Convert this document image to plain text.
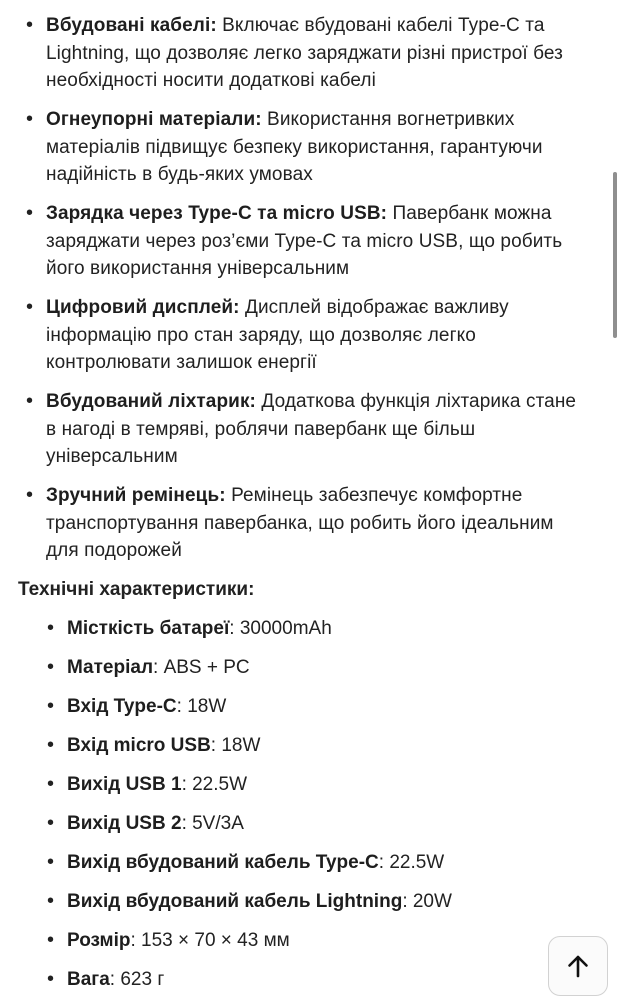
• Вбудовані кабелі: Включає вбудовані кабелі Type-C та Lightning, що дозволяє легко заряджати різні пристрої без необхідності носити додаткові кабелі
• Огнеупорні матеріали: Використання вогнетривких матеріалів підвищує безпеку використання, гарантуючи надійність в будь-яких умовах
• Зарядка через Type-C та micro USB: Павербанк можна заряджати через роз’єми Type-C та micro USB, що робить його використання універсальним
• Цифровий дисплей: Дисплей відображає важливу інформацію про стан заряду, що дозволяє легко контролювати залишок енергії
• Вбудований ліхтарик: Додаткова функція ліхтарика стане в нагоді в темряві, роблячи павербанк ще більш універсальним
• Зручний ремінець: Ремінець забезпечує комфортне транспортування павербанка, що робить його ідеальним для подорожей
Технічні характеристики:
• Місткість батареї: 30000mAh
• Матеріал: ABS + PC
• Вхід Type-C: 18W
• Вхід micro USB: 18W
• Вихід USB 1: 22.5W
• Вихід USB 2: 5V/3A
• Вихід вбудований кабель Type-C: 22.5W
• Вихід вбудований кабель Lightning: 20W
• Розмір: 153 × 70 × 43 мм
• Вага: 623 г
